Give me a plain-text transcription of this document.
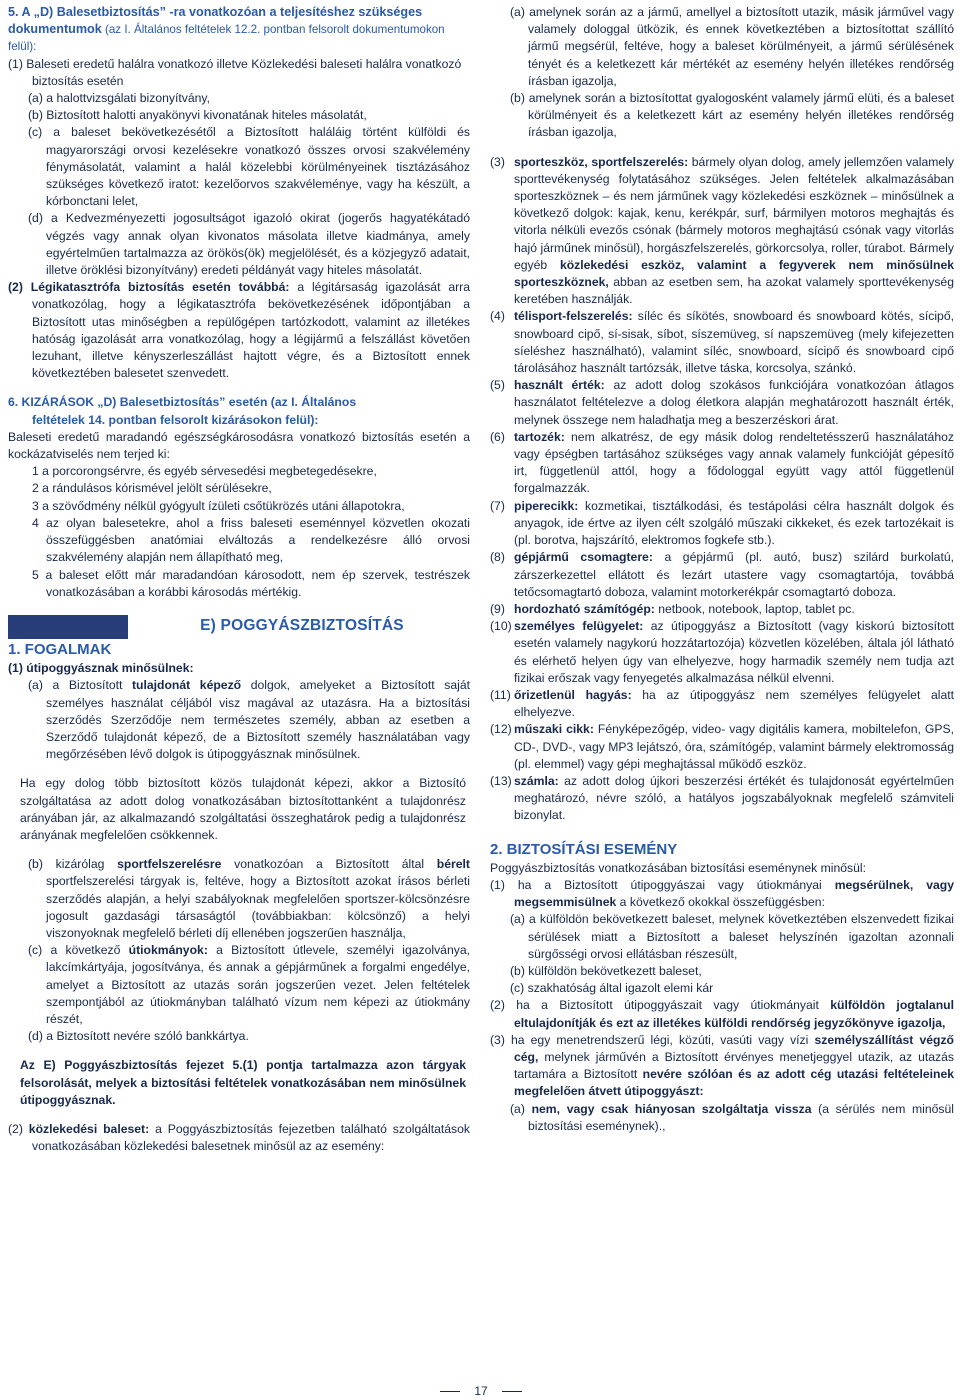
5. A „D) Balesetbiztosítás” -ra vonatkozóan a teljesítéshez szükséges
dokumentumok (az I. Általános feltételek 12.2. pontban felsorolt dokumentumokon felül):

(1) Baleseti eredetű halálra vonatkozó illetve Közlekedési baleseti halálra vonatkozó biztosítás esetén

(a) a halottvizsgálati bizonyítvány,

(b) Biztosított halotti anyakönyvi kivonatának hiteles másolatát,

(c) a baleset bekövetkezésétől a Biztosított haláláig történt külföldi és magyarországi orvosi kezelésekre vonatkozó összes orvosi szakvélemény fénymásolatát, valamint a halál közelebbi körülményeinek tisztázásához szükséges következő iratot: kezelőorvos szakvéleménye, vagy ha készült, a kórbonctani lelet,

(d) a Kedvezményezetti jogosultságot igazoló okirat (jogerős hagyatékátadó végzés vagy annak olyan kivonatos másolata illetve kiadmánya, amely egyértelműen tartalmazza az örökös(ök) megjelölését, és a közjegyző adatait, illetve öröklési bizonyítvány) eredeti példányát vagy hiteles másolatát.

(2) Légikatasztrófa biztosítás esetén továbbá: a légitársaság igazolását arra vonatkozólag, hogy a légikatasztrófa bekövetkezésének időpontjában a Biztosított utas minőségben a repülőgépen tartózkodott, valamint az illetékes hatóság igazolását arra vonatkozólag, hogy a légijármű a felszállást követően lezuhant, illetve kényszerleszállást hajtott végre, és a Biztosított ennek következtében balesetet szenvedett.

6. KIZÁRÁSOK „D) Balesetbiztosítás” esetén (az I. Általános
feltételek 14. pontban felsorolt kizárásokon felül):

Baleseti eredetű maradandó egészségkárosodásra vonatkozó biztosítás esetén a kockázatviselés nem terjed ki:

1 a porcorongsérvre, és egyéb sérvesedési megbetegedésekre,

2 a rándulásos kórismével jelölt sérülésekre,

3 a szövődmény nélkül gyógyult ízületi csőtükrözés utáni állapotokra,

4 az olyan balesetekre, ahol a friss baleseti eseménnyel közvetlen okozati összefüggésben anatómiai elváltozás a rendelkezésre álló orvosi szakvélemény alapján nem állapítható meg,

5 a baleset előtt már maradandóan károsodott, nem ép szervek, testrészek vonatkozásában a korábbi károsodás mértékig.

E) POGGYÁSZBIZTOSÍTÁS

1. FOGALMAK

(1) útipoggyásznak minősülnek:

(a) a Biztosított tulajdonát képező dolgok, amelyeket a Biztosított saját személyes használat céljából visz magával az utazásra. Ha a biztosítási szerződés Szerződője nem természetes személy, abban az esetben a Szerződő tulajdonát képező, de a Biztosított személy használatában vagy megőrzésében lévő dolgok is útipoggyásznak minősülnek.

Ha egy dolog több biztosított közös tulajdonát képezi, akkor a Biztosító szolgáltatása az adott dolog vonatkozásában biztosítottanként a tulajdonrész arányában jár, az alkalmazandó szolgáltatási összeghatárok pedig a tulajdonrész arányának megfelelően csökkennek.

(b) kizárólag sportfelszerelésre vonatkozóan a Biztosított által bérelt sportfelszerelési tárgyak is, feltéve, hogy a Biztosított azokat írásos bérleti szerződés alapján, a helyi szabályoknak megfelelően sportszer-kölcsönzésre jogosult gazdasági társaságtól (továbbiakban: kölcsönző) a helyi viszonyoknak megfelelő bérleti díj ellenében jogszerűen használja,

(c) a következő útiokmányok: a Biztosított útlevele, személyi igazolványa, lakcímkártyája, jogosítványa, és annak a gépjárműnek a forgalmi engedélye, amelyet a Biztosított az utazás során jogszerűen vezet. Jelen feltételek szempontjából az útiokmányban található vízum nem képezi az útiokmány részét,

(d) a Biztosított nevére szóló bankkártya.

Az E) Poggyászbiztosítás fejezet 5.(1) pontja tartalmazza azon tárgyak felsorolását, melyek a biztosítási feltételek vonatkozásában nem minősülnek útipoggyásznak.

(2) közlekedési baleset: a Poggyászbiztosítás fejezetben található szolgáltatások vonatkozásában közlekedési balesetnek minősül az az esemény:

(a) amelynek során az a jármű, amellyel a biztosított utazik, másik járművel vagy valamely dologgal ütközik, és ennek következtében a biztosítottat szállító jármű megsérül, feltéve, hogy a baleset körülményeit, a jármű sérülésének tényét és a keletkezett kár mértékét az esemény helyén illetékes rendőrség írásban igazolja,

(b) amelynek során a biztosítottat gyalogosként valamely jármű elüti, és a baleset körülményeit és a keletkezett kárt az esemény helyén illetékes rendőrség írásban igazolja,

(3) sporteszköz, sportfelszerelés: bármely olyan dolog, amely jellemzően valamely sporttevékenység folytatásához szükséges. Jelen feltételek alkalmazásában sporteszköznek – és nem járműnek vagy közlekedési eszköznek – minősülnek a következő dolgok: kajak, kenu, kerékpár, surf, bármilyen motoros meghajtás és vitorla nélküli evezős csónak (bármely motoros meghajtású csónak vagy vitorlás hajó járműnek minősül), horgászfelszerelés, görkorcsolya, roller, túrabot. Bármely egyéb közlekedési eszköz, valamint a fegyverek nem minősülnek sporteszköznek, abban az esetben sem, ha azokat valamely sporttevékenység keretében használják.

(4) télisport-felszerelés: síléc és síkötés, snowboard és snowboard kötés, sícipő, snowboard cipő, sí-sisak, síbot, síszemüveg, sí napszemüveg (mely kifejezetten síeléshez használható), valamint síléc, snowboard, sícipő és snowboard cipő tárolásához használt tartózsák, illetve táska, korcsolya, szánkó.

(5) használt érték: az adott dolog szokásos funkciójára vonatkozóan átlagos használatot feltételezve a dolog életkora alapján meghatározott használt érték, melynek összege nem haladhatja meg a beszerzéskori árat.

(6) tartozék: nem alkatrész, de egy másik dolog rendeltetésszerű használatához vagy épségben tartásához szükséges vagy annak valamely funkcióját gépesítő irt, függetlenül attól, hogy a fődologgal együtt vagy attól függetlenül forgalmazzák.

(7) piperecikk: kozmetikai, tisztálkodási, és testápolási célra használt dolgok és anyagok, ide értve az ilyen célt szolgáló műszaki cikkeket, és ezek tartozékait is (pl. borotva, hajszárító, elektromos fogkefe stb.).

(8) gépjármű csomagtere: a gépjármű (pl. autó, busz) szilárd burkolatú, zárszerkezettel ellátott és lezárt utastere vagy csomagtartója, továbbá tetőcsomagtartó doboza, valamint motorkerékpár csomagtartó doboza.

(9) hordozható számítógép: netbook, notebook, laptop, tablet pc.

(10) személyes felügyelet: az útipoggyász a Biztosított (vagy kiskorú biztosított esetén valamely nagykorú hozzátartozója) közvetlen közelében, általa jól látható és elérhető helyen úgy van elhelyezve, hogy harmadik személy nem tudja azt fizikai erőszak vagy fenyegetés alkalmazása nélkül elvenni.

(11) őrizetlenül hagyás: ha az útipoggyász nem személyes felügyelet alatt elhelyezve.

(12) műszaki cikk: Fényképezőgép, video- vagy digitális kamera, mobiltelefon, GPS, CD-, DVD-, vagy MP3 lejátszó, óra, számítógép, valamint bármely elektromosság (pl. elemmel) vagy gépi meghajtással működő eszköz.

(13) számla: az adott dolog újkori beszerzési értékét és tulajdonosát egyértelműen meghatározó, névre szóló, a hatályos jogszabályoknak megfelelő számviteli bizonylat.

2. BIZTOSÍTÁSI ESEMÉNY

Poggyászbiztosítás vonatkozásában biztosítási eseménynek minősül:

(1) ha a Biztosított útipoggyászai vagy útiokmányai megsérülnek, vagy megsemmisülnek a következő okokkal összefüggésben:

(a) a külföldön bekövetkezett baleset, melynek következtében elszenvedett fizikai sérülések miatt a Biztosított a baleset helyszínén igazoltan azonnali sürgősségi orvosi ellátásban részesült,

(b) külföldön bekövetkezett baleset,

(c) szakhatóság által igazolt elemi kár

(2) ha a Biztosított útipoggyászait vagy útiokmányait külföldön jogtalanul eltulajdonítják és ezt az illetékes külföldi rendőrség jegyzőkönyve igazolja,

(3) ha egy menetrendszerű légi, közúti, vasúti vagy vízi személyszállítást végző cég, melynek járművén a Biztosított érvényes menetjeggyel utazik, az utazás tartamára a Biztosított nevére szólóan és az adott cég utazási feltételeinek megfelelően átvett útipoggyászt:

(a) nem, vagy csak hiányosan szolgáltatja vissza (a sérülés nem minősül biztosítási eseménynek).,

17
